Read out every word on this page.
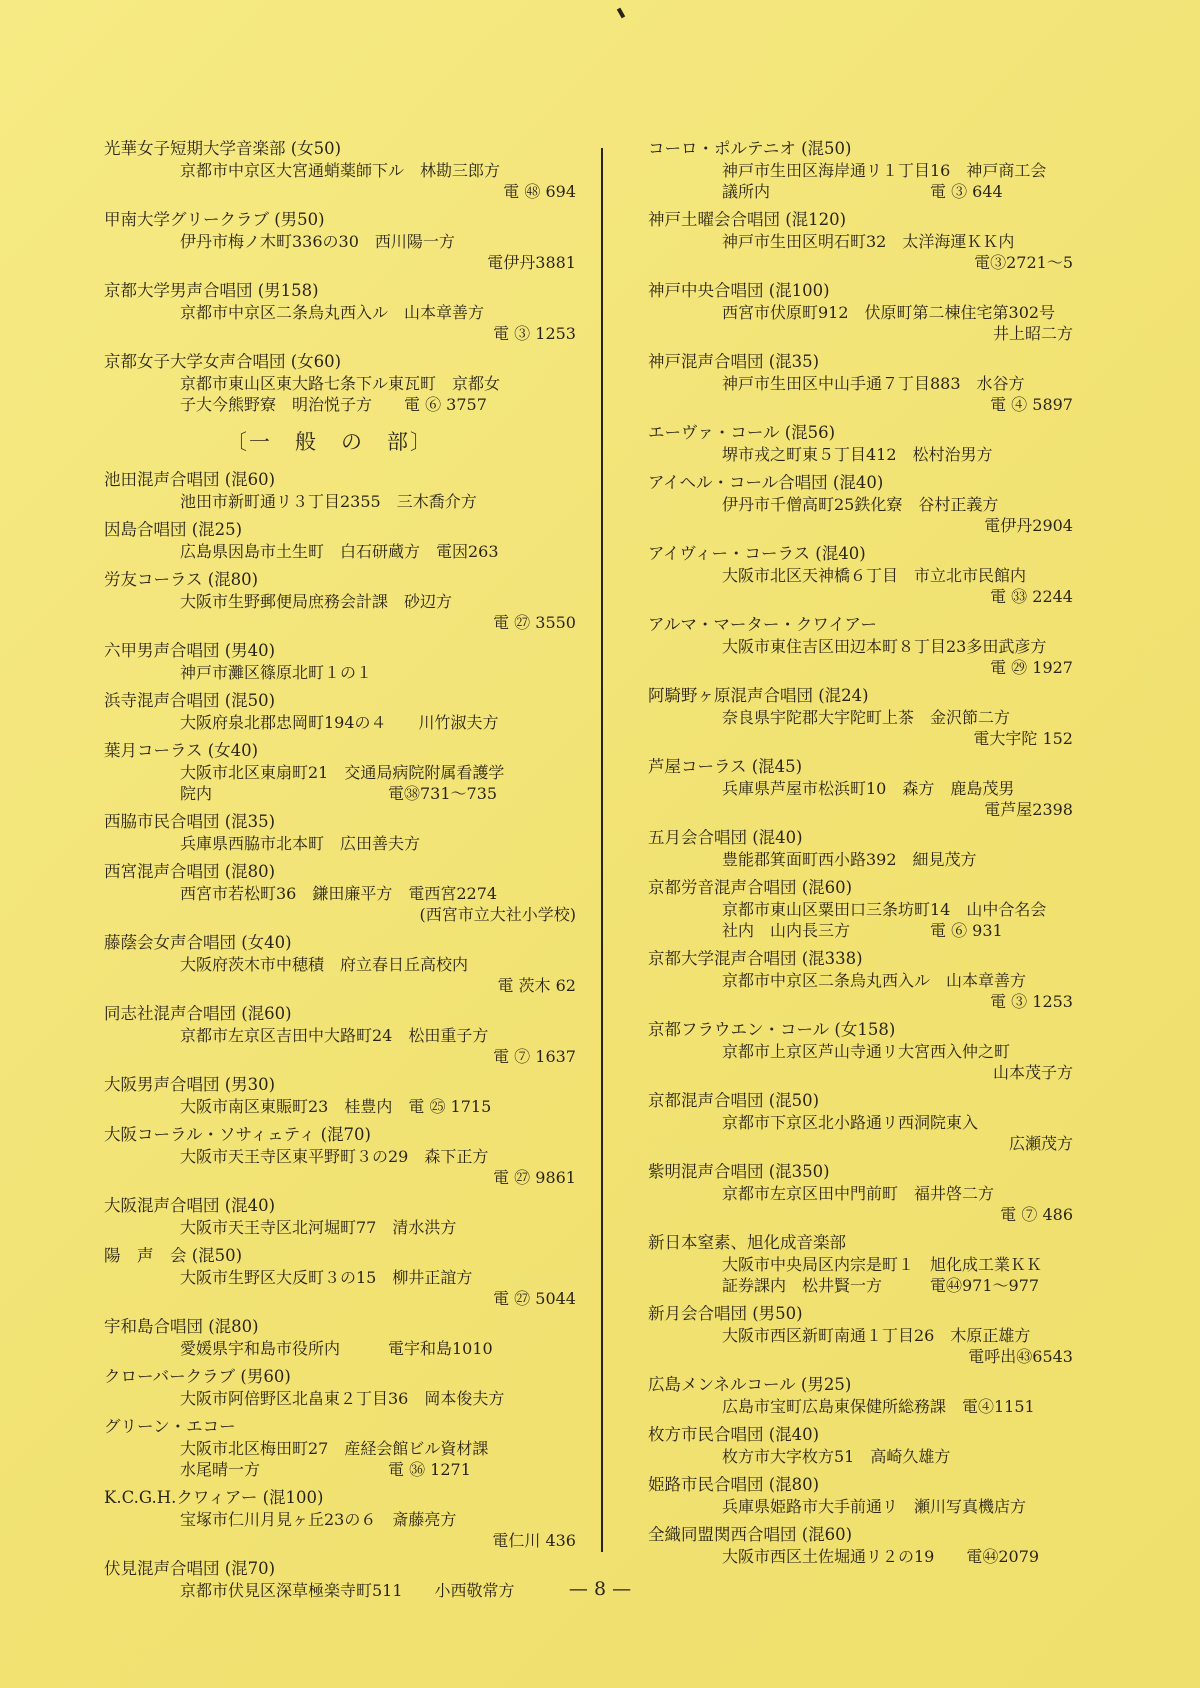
光華女子短期大学音楽部 (女50)
京都市中京区大宮通蛸薬師下ル　林勘三郎方
電 ㊽ 694
甲南大学グリークラブ (男50)
伊丹市梅ノ木町336の30　西川陽一方
電伊丹3881
京都大学男声合唱団 (男158)
京都市中京区二条烏丸西入ル　山本章善方
電 ③ 1253
京都女子大学女声合唱団 (女60)
京都市東山区東大路七条下ル東瓦町　京都女
子大今熊野寮　明治悦子方　　電 ⑥ 3757
〔一　般　の　部〕
池田混声合唱団 (混60)
池田市新町通リ３丁目2355　三木喬介方
因島合唱団 (混25)
広島県因島市土生町　白石研蔵方　電因263
労友コーラス (混80)
大阪市生野郵便局庶務会計課　砂辺方
電 ㉗ 3550
六甲男声合唱団 (男40)
神戸市灘区篠原北町１の１
浜寺混声合唱団 (混50)
大阪府泉北郡忠岡町194の４　　川竹淑夫方
葉月コーラス (女40)
大阪市北区東扇町21　交通局病院附属看護学
院内　　　　　　　　　　　電㊳731～735
西脇市民合唱団 (混35)
兵庫県西脇市北本町　広田善夫方
西宮混声合唱団 (混80)
西宮市若松町36　鎌田廉平方　電西宮2274
(西宮市立大社小学校)
藤蔭会女声合唱団 (女40)
大阪府茨木市中穂積　府立春日丘高校内
電 茨木 62
同志社混声合唱団 (混60)
京都市左京区吉田中大路町24　松田重子方
電 ⑦ 1637
大阪男声合唱団 (男30)
大阪市南区東賑町23　桂豊内　電 ㉕ 1715
大阪コーラル・ソサィェティ (混70)
大阪市天王寺区東平野町３の29　森下正方
電 ㉗ 9861
大阪混声合唱団 (混40)
大阪市天王寺区北河堀町77　清水洪方
陽　声　会 (混50)
大阪市生野区大反町３の15　柳井正誼方
電 ㉗ 5044
宇和島合唱団 (混80)
愛媛県宇和島市役所内　　　電宇和島1010
クローバークラブ (男60)
大阪市阿倍野区北畠東２丁目36　岡本俊夫方
グリーン・エコー
大阪市北区梅田町27　産経会館ビル資材課
水尾晴一方　　　　　　　　電 ㊱ 1271
K.C.G.H.クワィアー (混100)
宝塚市仁川月見ヶ丘23の６　斎藤亮方
電仁川 436
伏見混声合唱団 (混70)
京都市伏見区深草極楽寺町511　　小西敬常方
コーロ・ポルテニオ (混50)
神戸市生田区海岸通リ１丁目16　神戸商工会
議所内　　　　　　　　　　電 ③ 644
神戸土曜会合唱団 (混120)
神戸市生田区明石町32　太洋海運ＫＫ内
電③2721～5
神戸中央合唱団 (混100)
西宮市伏原町912　伏原町第二棟住宅第302号
井上昭二方
神戸混声合唱団 (混35)
神戸市生田区中山手通７丁目883　水谷方
電 ④ 5897
エーヴァ・コール (混56)
堺市戎之町東５丁目412　松村治男方
アイヘル・コール合唱団 (混40)
伊丹市千僧高町25鉄化寮　谷村正義方
電伊丹2904
アイヴィー・コーラス (混40)
大阪市北区天神橋６丁目　市立北市民館内
電 ㉝ 2244
アルマ・マーター・クワイアー
大阪市東住吉区田辺本町８丁目23多田武彦方
電 ㉙ 1927
阿騎野ヶ原混声合唱団 (混24)
奈良県宇陀郡大宇陀町上茶　金沢節二方
電大宇陀 152
芦屋コーラス (混45)
兵庫県芦屋市松浜町10　森方　鹿島茂男
電芦屋2398
五月会合唱団 (混40)
豊能郡箕面町西小路392　細見茂方
京都労音混声合唱団 (混60)
京都市東山区粟田口三条坊町14　山中合名会
社内　山内長三方　　　　　電 ⑥ 931
京都大学混声合唱団 (混338)
京都市中京区二条烏丸西入ル　山本章善方
電 ③ 1253
京都フラウエン・コール (女158)
京都市上京区芦山寺通リ大宮西入仲之町
山本茂子方
京都混声合唱団 (混50)
京都市下京区北小路通リ西洞院東入
広瀬茂方
紫明混声合唱団 (混350)
京都市左京区田中門前町　福井啓二方
電 ⑦ 486
新日本窒素、旭化成音楽部
大阪市中央局区内宗是町１　旭化成工業ＫＫ
証券課内　松井賢一方　　　電㊹971～977
新月会合唱団 (男50)
大阪市西区新町南通１丁目26　木原正雄方
電呼出㊸6543
広島メンネルコール (男25)
広島市宝町広島東保健所総務課　電④1151
枚方市民合唱団 (混40)
枚方市大字枚方51　高崎久雄方
姫路市民合唱団 (混80)
兵庫県姫路市大手前通リ　瀬川写真機店方
全織同盟関西合唱団 (混60)
大阪市西区土佐堀通リ２の19　　電㊹2079
— 8 —
